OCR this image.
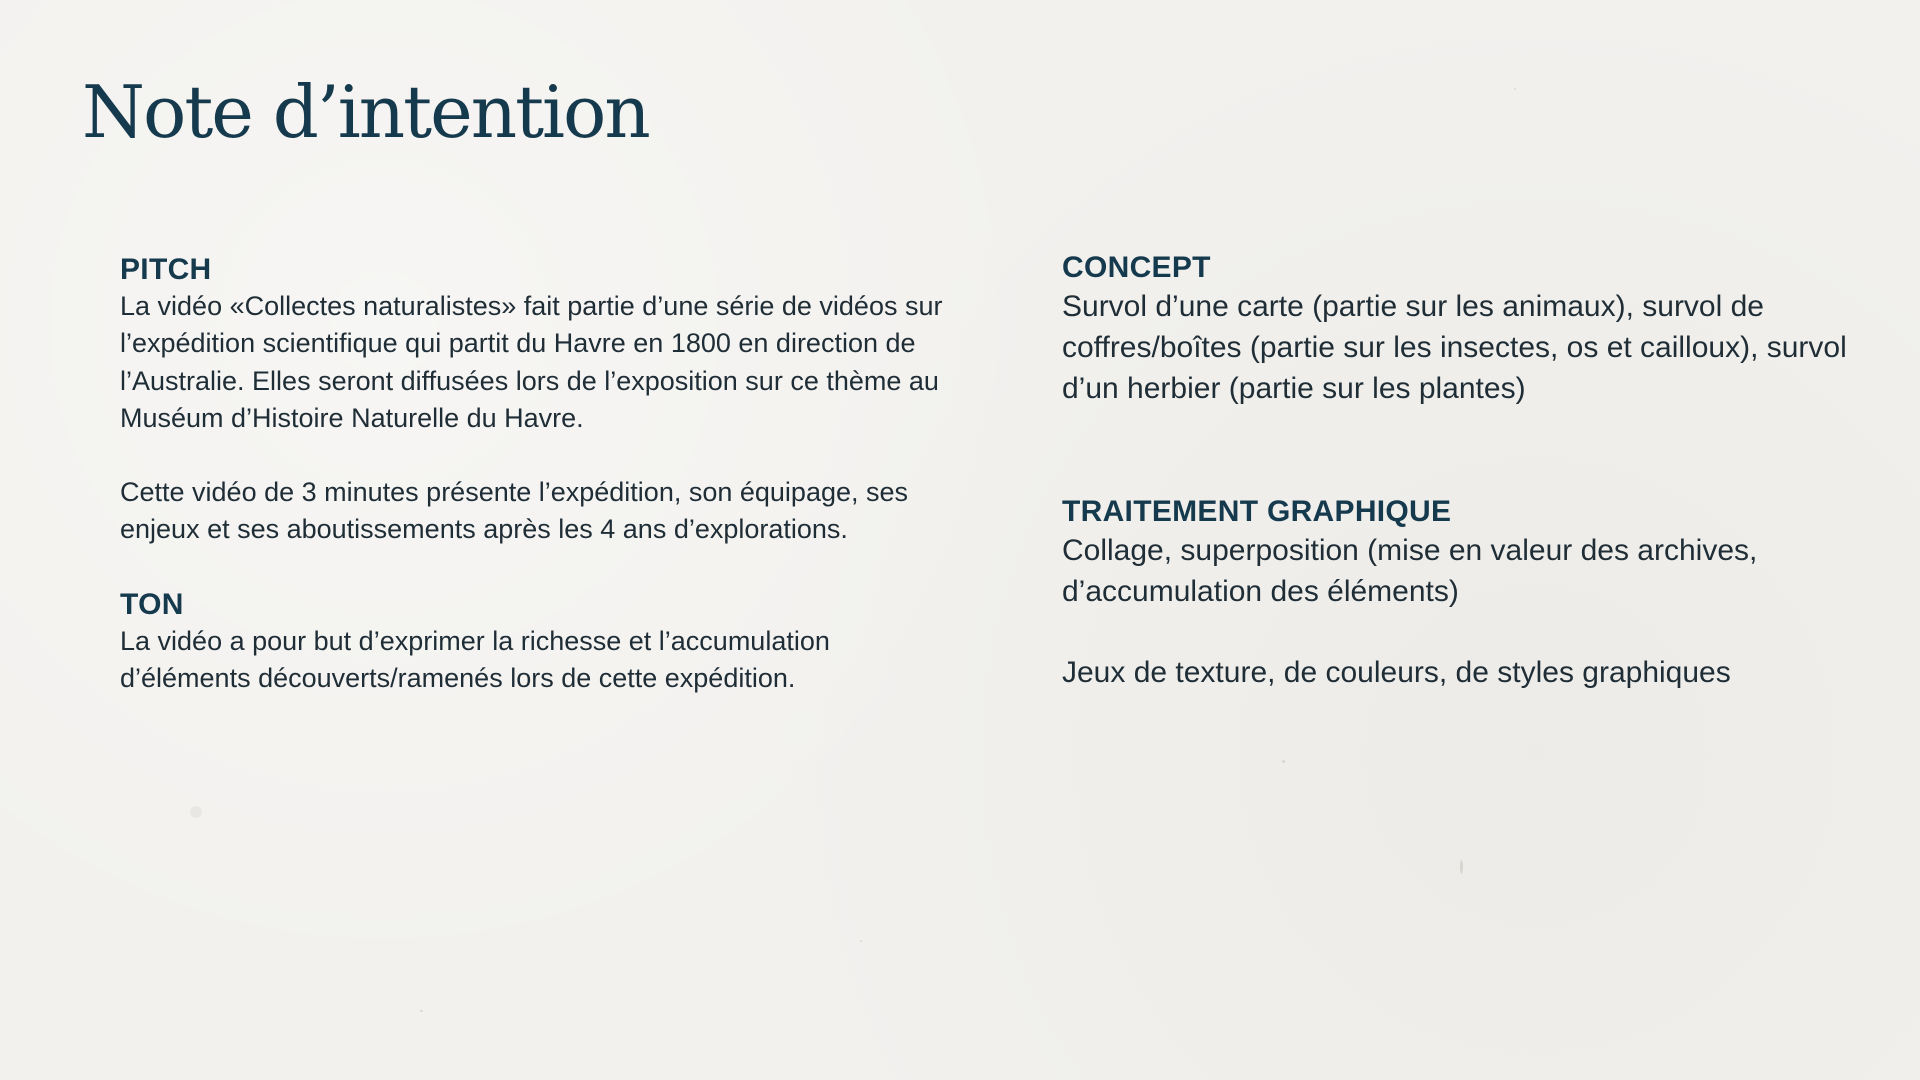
Note d’intention
PITCH

La vidéo «Collectes naturalistes» fait partie d’une série de vidéos sur l’expédition scientifique qui partit du Havre en 1800 en direction de l’Australie. Elles seront diffusées lors de l’exposition sur ce thème au Muséum d’Histoire Naturelle du Havre.

Cette vidéo de 3 minutes présente l’expédition, son équipage, ses enjeux et ses aboutissements après les 4 ans d’explorations.

TON

La vidéo a pour but d’exprimer la richesse et l’accumulation d’éléments découverts/ramenés lors de cette expédition.

CONCEPT

Survol d’une carte (partie sur les animaux), survol de coffres/boîtes (partie sur les insectes, os et cailloux), survol d’un herbier (partie sur les plantes)

TRAITEMENT GRAPHIQUE

Collage, superposition (mise en valeur des archives, d’accumulation des éléments)

Jeux de texture, de couleurs, de styles graphiques
